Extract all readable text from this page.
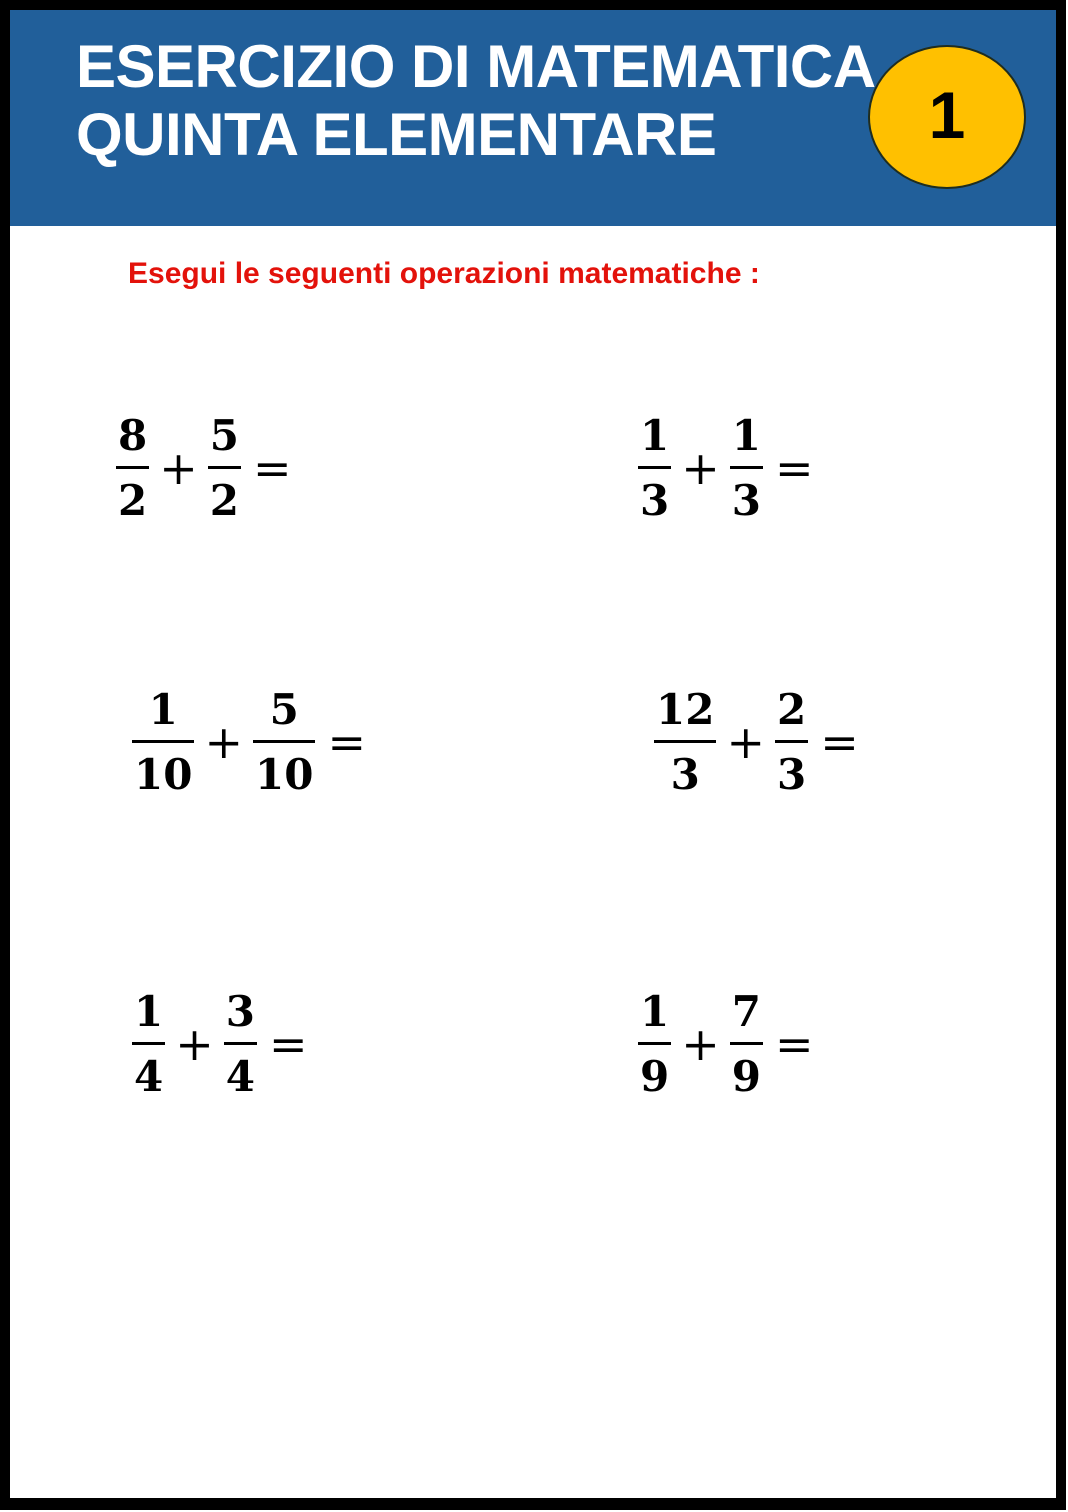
ESERCIZIO DI MATEMATICA
QUINTA ELEMENTARE	1
Esegui le seguenti operazioni matematiche :
$\frac{8}{2} + \frac{5}{2}$ =	$\frac{1}{3} + \frac{1}{3}$ =
$\frac{1}{10} + \frac{5}{10}$ =	$\frac{12}{3} + \frac{2}{3}$ =
$\frac{1}{4} + \frac{3}{4}$ =	$\frac{1}{9} + \frac{7}{9}$ =
